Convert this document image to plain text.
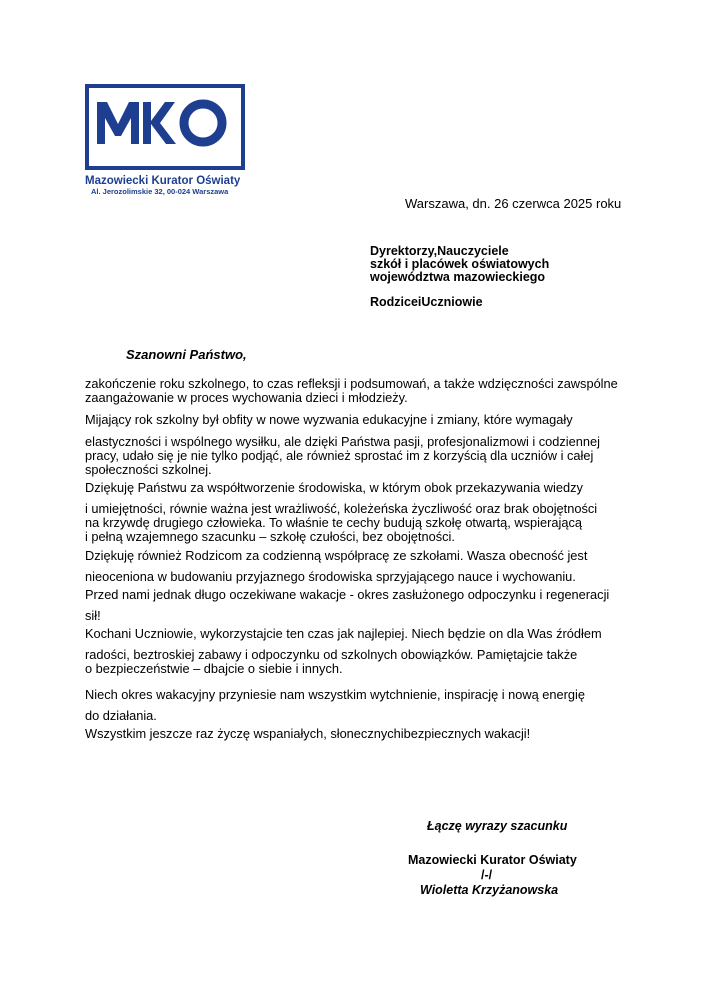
Mazowiecki Kurator Oświaty
Al. Jerozolimskie 32, 00-024 Warszawa
Warszawa, dn. 26 czerwca 2025 roku
Dyrektorzy,Nauczyciele
szkół i placówek oświatowych
województwa mazowieckiego
RodziceiUczniowie
Szanowni Państwo,
zakończenie roku szkolnego, to czas refleksji i podsumowań, a także wdzięczności zawspólne
zaangażowanie w proces wychowania dzieci i młodzieży.
Mijający rok szkolny był obfity w nowe wyzwania edukacyjne i zmiany, które wymagały
elastyczności i wspólnego wysiłku, ale dzięki Państwa pasji, profesjonalizmowi i codziennej
pracy, udało się je nie tylko podjąć, ale również sprostać im z korzyścią dla uczniów i całej
społeczności szkolnej.
Dziękuję Państwu za współtworzenie środowiska, w którym obok przekazywania wiedzy
i umiejętności, równie ważna jest wrażliwość, koleżeńska życzliwość oraz brak obojętności
na krzywdę drugiego człowieka. To właśnie te cechy budują szkołę otwartą, wspierającą
i pełną wzajemnego szacunku – szkołę czułości, bez obojętności.
Dziękuję również Rodzicom za codzienną współpracę ze szkołami. Wasza obecność jest
nieoceniona w budowaniu przyjaznego środowiska sprzyjającego nauce i wychowaniu.
Przed nami jednak długo oczekiwane wakacje - okres zasłużonego odpoczynku i regeneracji
sił!
Kochani Uczniowie, wykorzystajcie ten czas jak najlepiej. Niech będzie on dla Was źródłem
radości, beztroskiej zabawy i odpoczynku od szkolnych obowiązków. Pamiętajcie także
o bezpieczeństwie – dbajcie o siebie i innych.
Niech okres wakacyjny przyniesie nam wszystkim wytchnienie, inspirację i nową energię
do działania.
Wszystkim jeszcze raz życzę wspaniałych, słonecznychibezpiecznych wakacji!
Łączę wyrazy szacunku
Mazowiecki Kurator Oświaty
/-/
Wioletta Krzyżanowska
